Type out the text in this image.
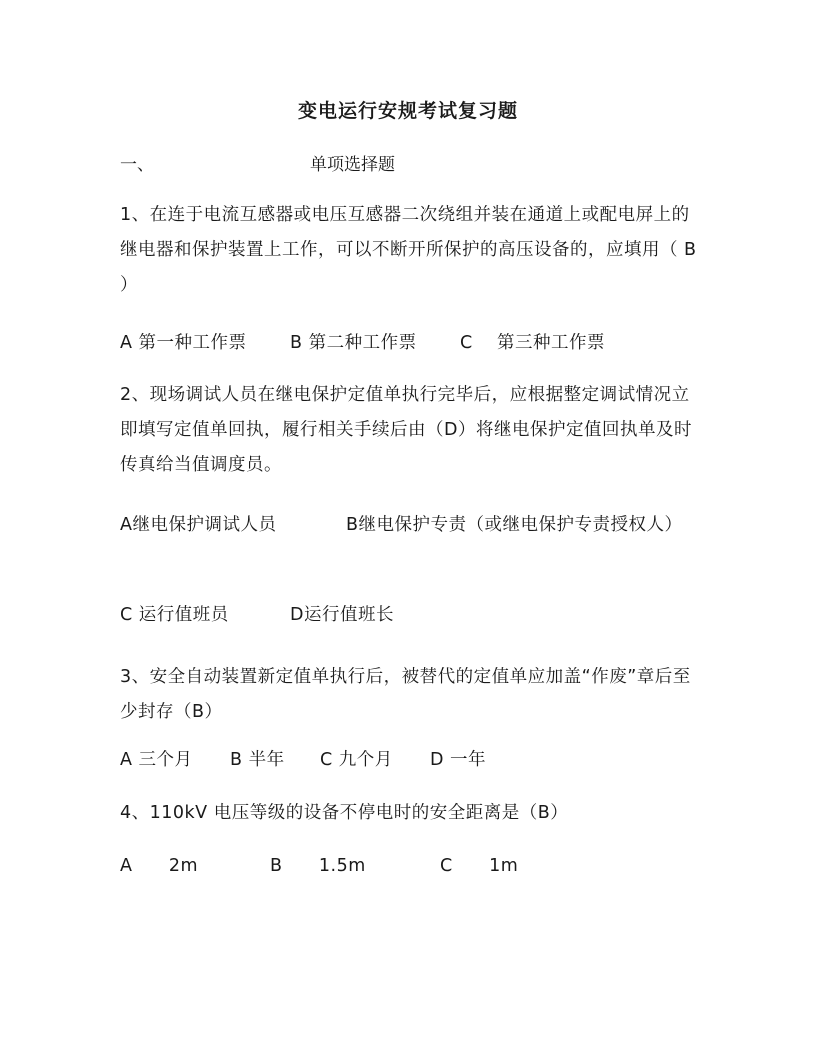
变电运行安规考试复习题
一、	单项选择题
1、在连于电流互感器或电压互感器二次绕组并装在通道上或配电屏上的继电器和保护装置上工作，可以不断开所保护的高压设备的，应填用（ B ）
A 第一种工作票 B 第二种工作票 C    第三种工作票
2、现场调试人员在继电保护定值单执行完毕后，应根据整定调试情况立即填写定值单回执，履行相关手续后由（D）将继电保护定值回执单及时传真给当值调度员。
A继电保护调试人员	B继电保护专责（或继电保护专责授权人）
C 运行值班员	D运行值班长
3、安全自动装置新定值单执行后，被替代的定值单应加盖“作废”章后至少封存（B）
A 三个月 B 半年 C 九个月 D 一年
4、110kV 电压等级的设备不停电时的安全距离是（B）
A      2m	B      1.5m	C      1m
